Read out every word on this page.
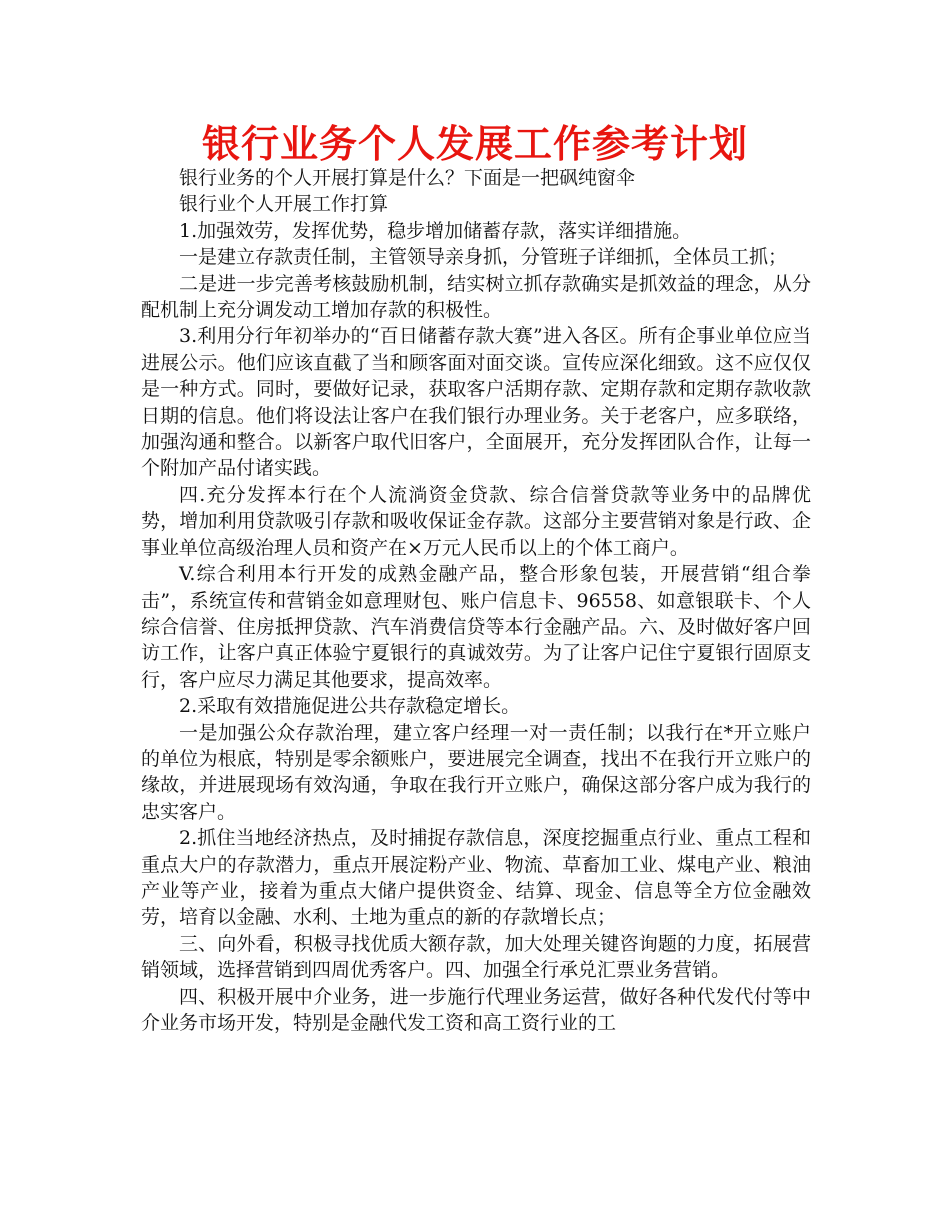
银行业务个人发展工作参考计划

银行业务的个人开展打算是什么？下面是一把砜纯窗伞

银行业个人开展工作打算

1.加强效劳，发挥优势，稳步增加储蓄存款，落实详细措施。

一是建立存款责任制，主管领导亲身抓，分管班子详细抓，全体员工抓；

二是进一步完善考核鼓励机制，结实树立抓存款确实是抓效益的理念，从分配机制上充分调发动工增加存款的积极性。

3.利用分行年初举办的“百日储蓄存款大赛”进入各区。所有企事业单位应当进展公示。他们应该直截了当和顾客面对面交谈。宣传应深化细致。这不应仅仅是一种方式。同时，要做好记录，获取客户活期存款、定期存款和定期存款收款日期的信息。他们将设法让客户在我们银行办理业务。关于老客户，应多联络，加强沟通和整合。以新客户取代旧客户，全面展开，充分发挥团队合作，让每一个附加产品付诸实践。

四.充分发挥本行在个人流淌资金贷款、综合信誉贷款等业务中的品牌优势，增加利用贷款吸引存款和吸收保证金存款。这部分主要营销对象是行政、企事业单位高级治理人员和资产在×万元人民币以上的个体工商户。

V.综合利用本行开发的成熟金融产品，整合形象包装，开展营销“组合拳击”，系统宣传和营销金如意理财包、账户信息卡、96558、如意银联卡、个人综合信誉、住房抵押贷款、汽车消费信贷等本行金融产品。六、及时做好客户回访工作，让客户真正体验宁夏银行的真诚效劳。为了让客户记住宁夏银行固原支行，客户应尽力满足其他要求，提高效率。

2.采取有效措施促进公共存款稳定增长。

一是加强公众存款治理，建立客户经理一对一责任制；以我行在*开立账户的单位为根底，特别是零余额账户，要进展完全调查，找出不在我行开立账户的缘故，并进展现场有效沟通，争取在我行开立账户，确保这部分客户成为我行的忠实客户。

2.抓住当地经济热点，及时捕捉存款信息，深度挖掘重点行业、重点工程和重点大户的存款潜力，重点开展淀粉产业、物流、草畜加工业、煤电产业、粮油产业等产业，接着为重点大储户提供资金、结算、现金、信息等全方位金融效劳，培育以金融、水利、土地为重点的新的存款增长点；

三、向外看，积极寻找优质大额存款，加大处理关键咨询题的力度，拓展营销领域，选择营销到四周优秀客户。四、加强全行承兑汇票业务营销。

四、积极开展中介业务，进一步施行代理业务运营，做好各种代发代付等中介业务市场开发，特别是金融代发工资和高工资行业的工
